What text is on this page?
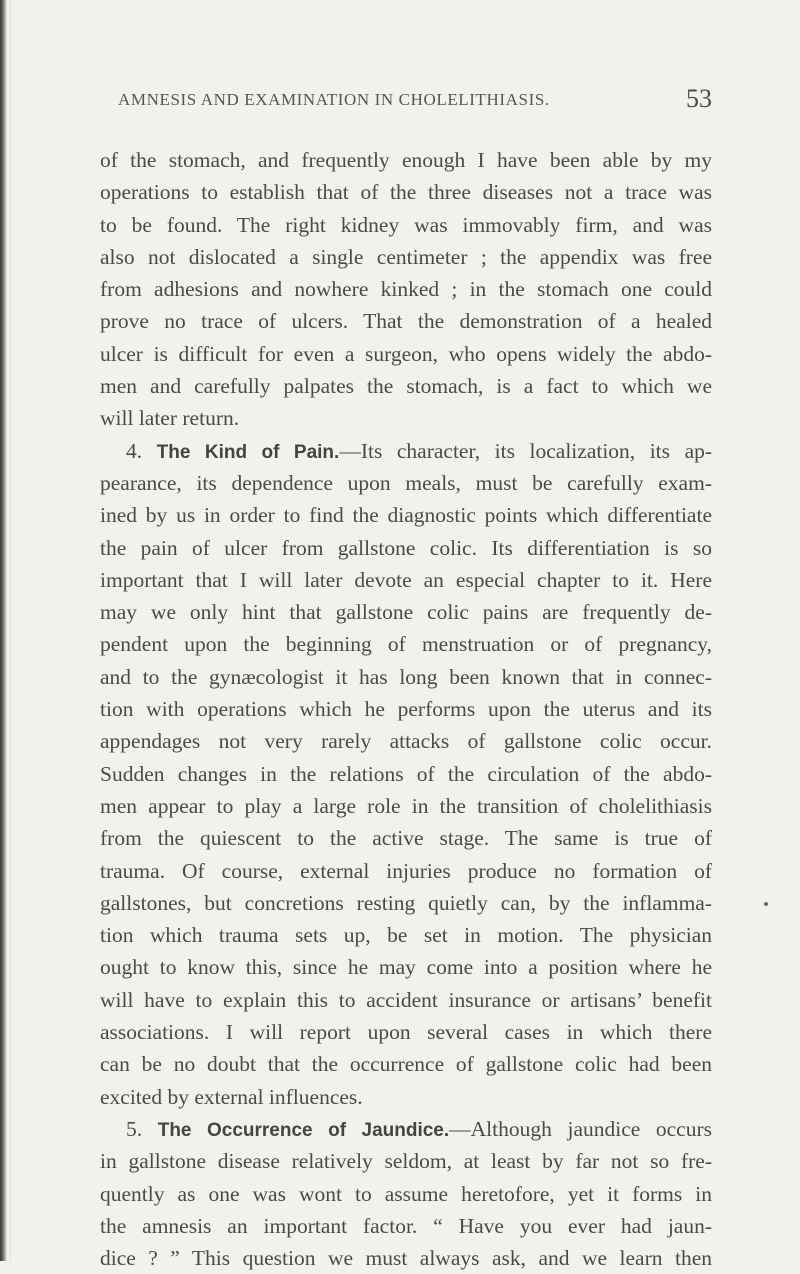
AMNESIS AND EXAMINATION IN CHOLELITHIASIS.	53
of the stomach, and frequently enough I have been able by my
operations to establish that of the three diseases not a trace was
to be found. The right kidney was immovably firm, and was
also not dislocated a single centimeter ; the appendix was free
from adhesions and nowhere kinked ; in the stomach one could
prove no trace of ulcers. That the demonstration of a healed
ulcer is difficult for even a surgeon, who opens widely the abdo-
men and carefully palpates the stomach, is a fact to which we
will later return.
4. The Kind of Pain.—Its character, its localization, its ap-
pearance, its dependence upon meals, must be carefully exam-
ined by us in order to find the diagnostic points which differentiate
the pain of ulcer from gallstone colic. Its differentiation is so
important that I will later devote an especial chapter to it. Here
may we only hint that gallstone colic pains are frequently de-
pendent upon the beginning of menstruation or of pregnancy,
and to the gynæcologist it has long been known that in connec-
tion with operations which he performs upon the uterus and its
appendages not very rarely attacks of gallstone colic occur.
Sudden changes in the relations of the circulation of the abdo-
men appear to play a large role in the transition of cholelithiasis
from the quiescent to the active stage. The same is true of
trauma. Of course, external injuries produce no formation of
gallstones, but concretions resting quietly can, by the inflamma-
tion which trauma sets up, be set in motion. The physician
ought to know this, since he may come into a position where he
will have to explain this to accident insurance or artisans’ benefit
associations. I will report upon several cases in which there
can be no doubt that the occurrence of gallstone colic had been
excited by external influences.
5. The Occurrence of Jaundice.—Although jaundice occurs
in gallstone disease relatively seldom, at least by far not so fre-
quently as one was wont to assume heretofore, yet it forms in
the amnesis an important factor. “ Have you ever had jaun-
dice ? ” This question we must always ask, and we learn then
